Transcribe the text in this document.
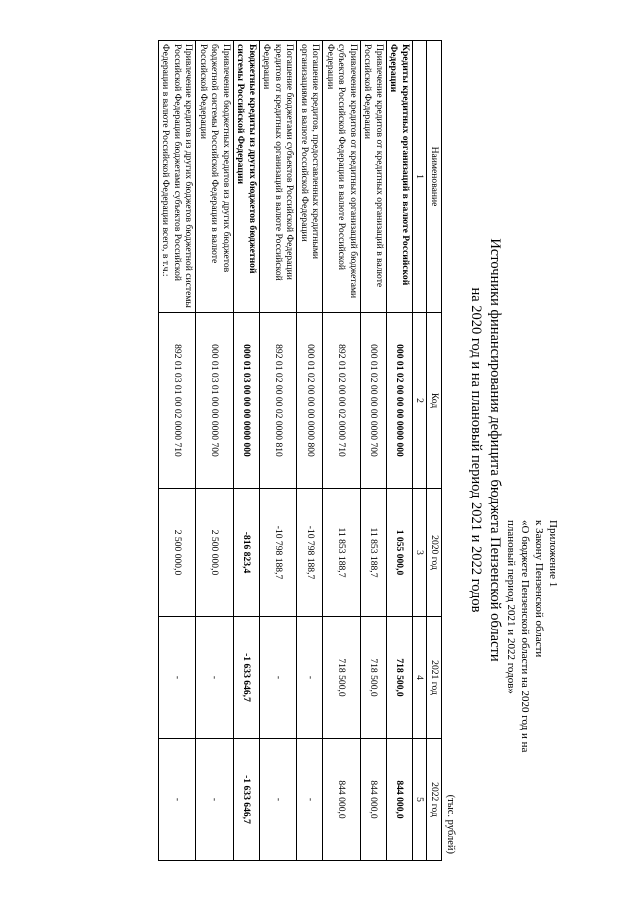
Приложение 1
к Закону Пензенской области
«О бюджете Пензенской области на 2020 год и на
плановый период 2021 и 2022 годов»
Источники финансирования дефицита бюджета Пензенской области
на 2020 год и на плановый период 2021 и 2022 годов
(тыс. рублей)
Наименование	Код	2020 год	2021 год	2022 год
1	2	3	4	5
Кредиты кредитных организаций в валюте Российской Федерации	000 01 02 00 00 00 0000 000	1 055 000,0	718 500,0	844 000,0
Привлечение кредитов от кредитных организаций в валюте Российской Федерации	000 01 02 00 00 00 0000 700	11 853 188,7	718 500,0	844 000,0
Привлечение кредитов от кредитных организаций бюджетами субъектов Российской Федерации в валюте Российской Федерации	892 01 02 00 00 02 0000 710	11 853 188,7	718 500,0	844 000,0
Погашение кредитов, предоставленных кредитными организациями в валюте Российской Федерации	000 01 02 00 00 00 0000 800	-10 798 188,7	-	-
Погашение бюджетами субъектов Российской Федерации кредитов от кредитных организаций в валюте Российской Федерации	892 01 02 00 00 02 0000 810	-10 798 188,7	-	-
Бюджетные кредиты из других бюджетов бюджетной системы Российской Федерации	000 01 03 00 00 00 0000 000	-816 823,4	-1 633 646,7	-1 633 646,7
Привлечение бюджетных кредитов из других бюджетов бюджетной системы Российской Федерации в валюте Российской Федерации	000 01 03 01 00 00 0000 700	2 500 000,0	-	-
Привлечение кредитов из других бюджетов бюджетной системы Российской Федерации бюджетами субъектов Российской Федерации в валюте Российской Федерации всего, в т.ч.:	892 01 03 01 00 02 0000 710	2 500 000,0	-	-
